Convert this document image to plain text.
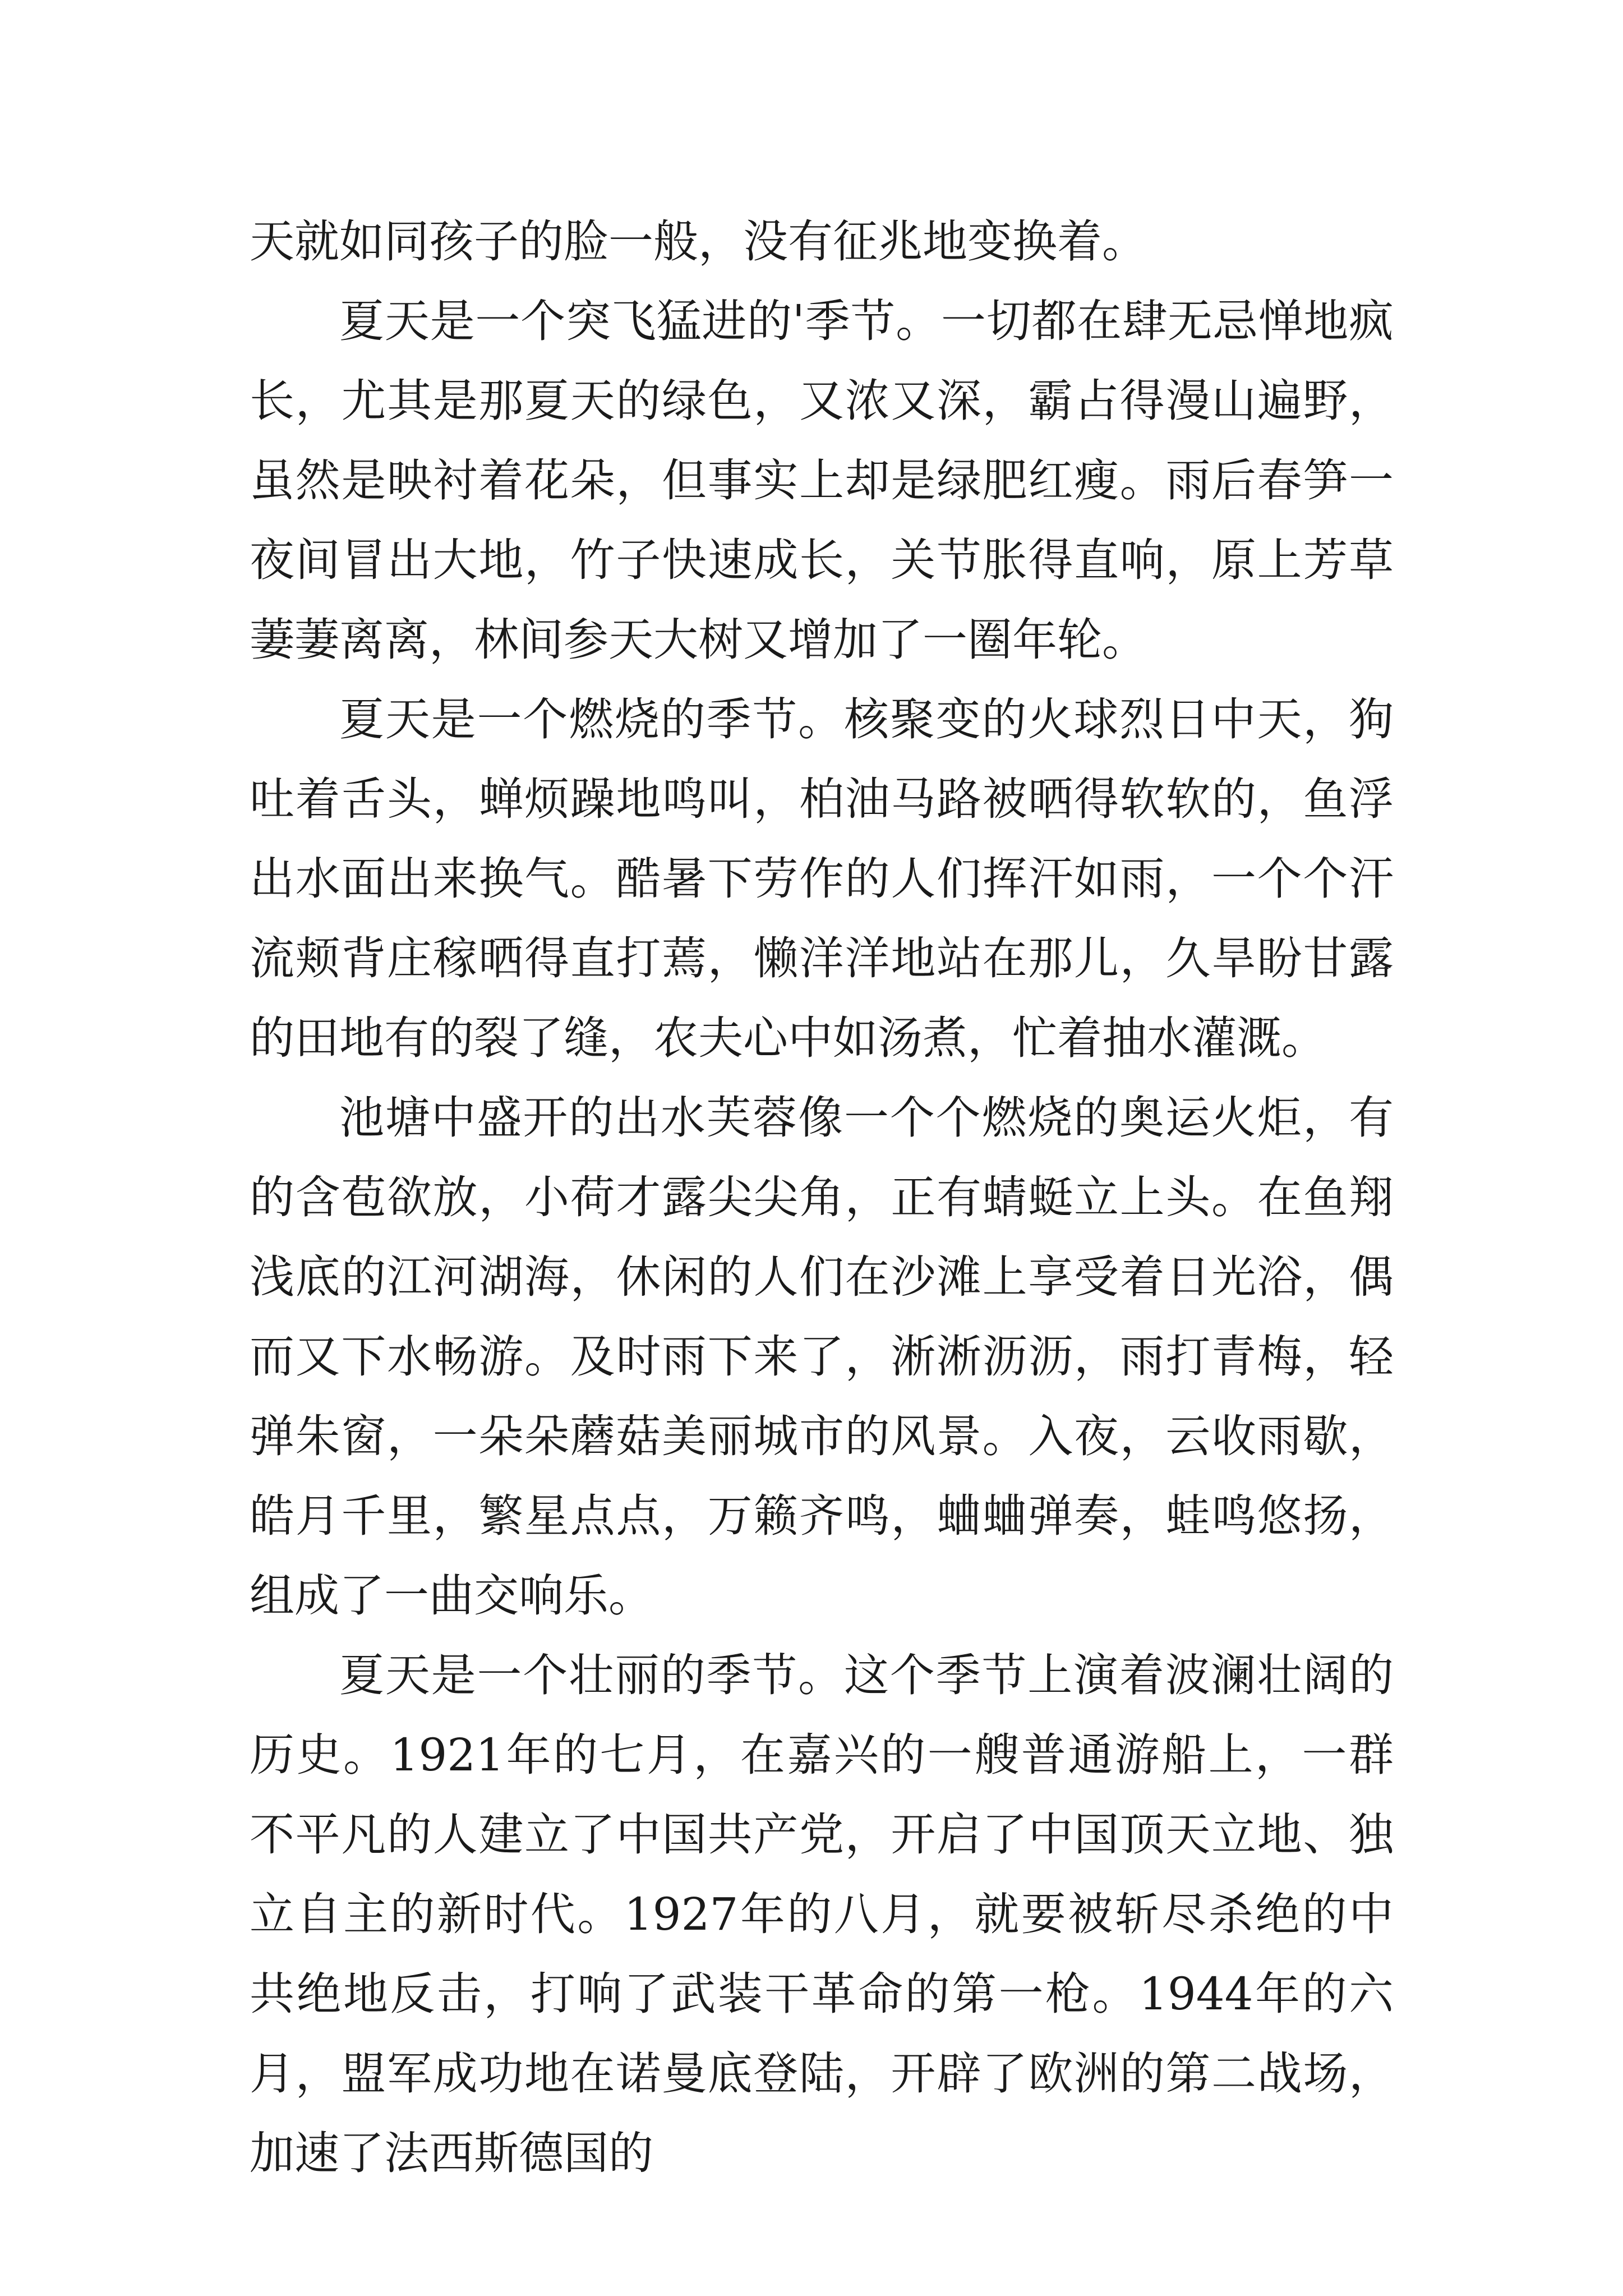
天就如同孩子的脸一般，没有征兆地变换着。

夏天是一个突飞猛进的'季节。一切都在肆无忌惮地疯长，尤其是那夏天的绿色，又浓又深，霸占得漫山遍野，虽然是映衬着花朵，但事实上却是绿肥红瘦。雨后春笋一夜间冒出大地，竹子快速成长，关节胀得直响，原上芳草萋萋离离，林间参天大树又增加了一圈年轮。

夏天是一个燃烧的季节。核聚变的火球烈日中天，狗吐着舌头，蝉烦躁地鸣叫，柏油马路被晒得软软的，鱼浮出水面出来换气。酷暑下劳作的人们挥汗如雨，一个个汗流颊背庄稼晒得直打蔫，懒洋洋地站在那儿，久旱盼甘露的田地有的裂了缝，农夫心中如汤煮，忙着抽水灌溉。

池塘中盛开的出水芙蓉像一个个燃烧的奥运火炬，有的含苞欲放，小荷才露尖尖角，正有蜻蜓立上头。在鱼翔浅底的江河湖海，休闲的人们在沙滩上享受着日光浴，偶而又下水畅游。及时雨下来了，淅淅沥沥，雨打青梅，轻弹朱窗，一朵朵蘑菇美丽城市的风景。入夜，云收雨歇，皓月千里，繁星点点，万籁齐鸣，蛐蛐弹奏，蛙鸣悠扬，组成了一曲交响乐。

夏天是一个壮丽的季节。这个季节上演着波澜壮阔的历史。1921年的七月，在嘉兴的一艘普通游船上，一群不平凡的人建立了中国共产党，开启了中国顶天立地、独立自主的新时代。1927年的八月，就要被斩尽杀绝的中共绝地反击，打响了武装干革命的第一枪。1944年的六月，盟军成功地在诺曼底登陆，开辟了欧洲的第二战场，加速了法西斯德国的
